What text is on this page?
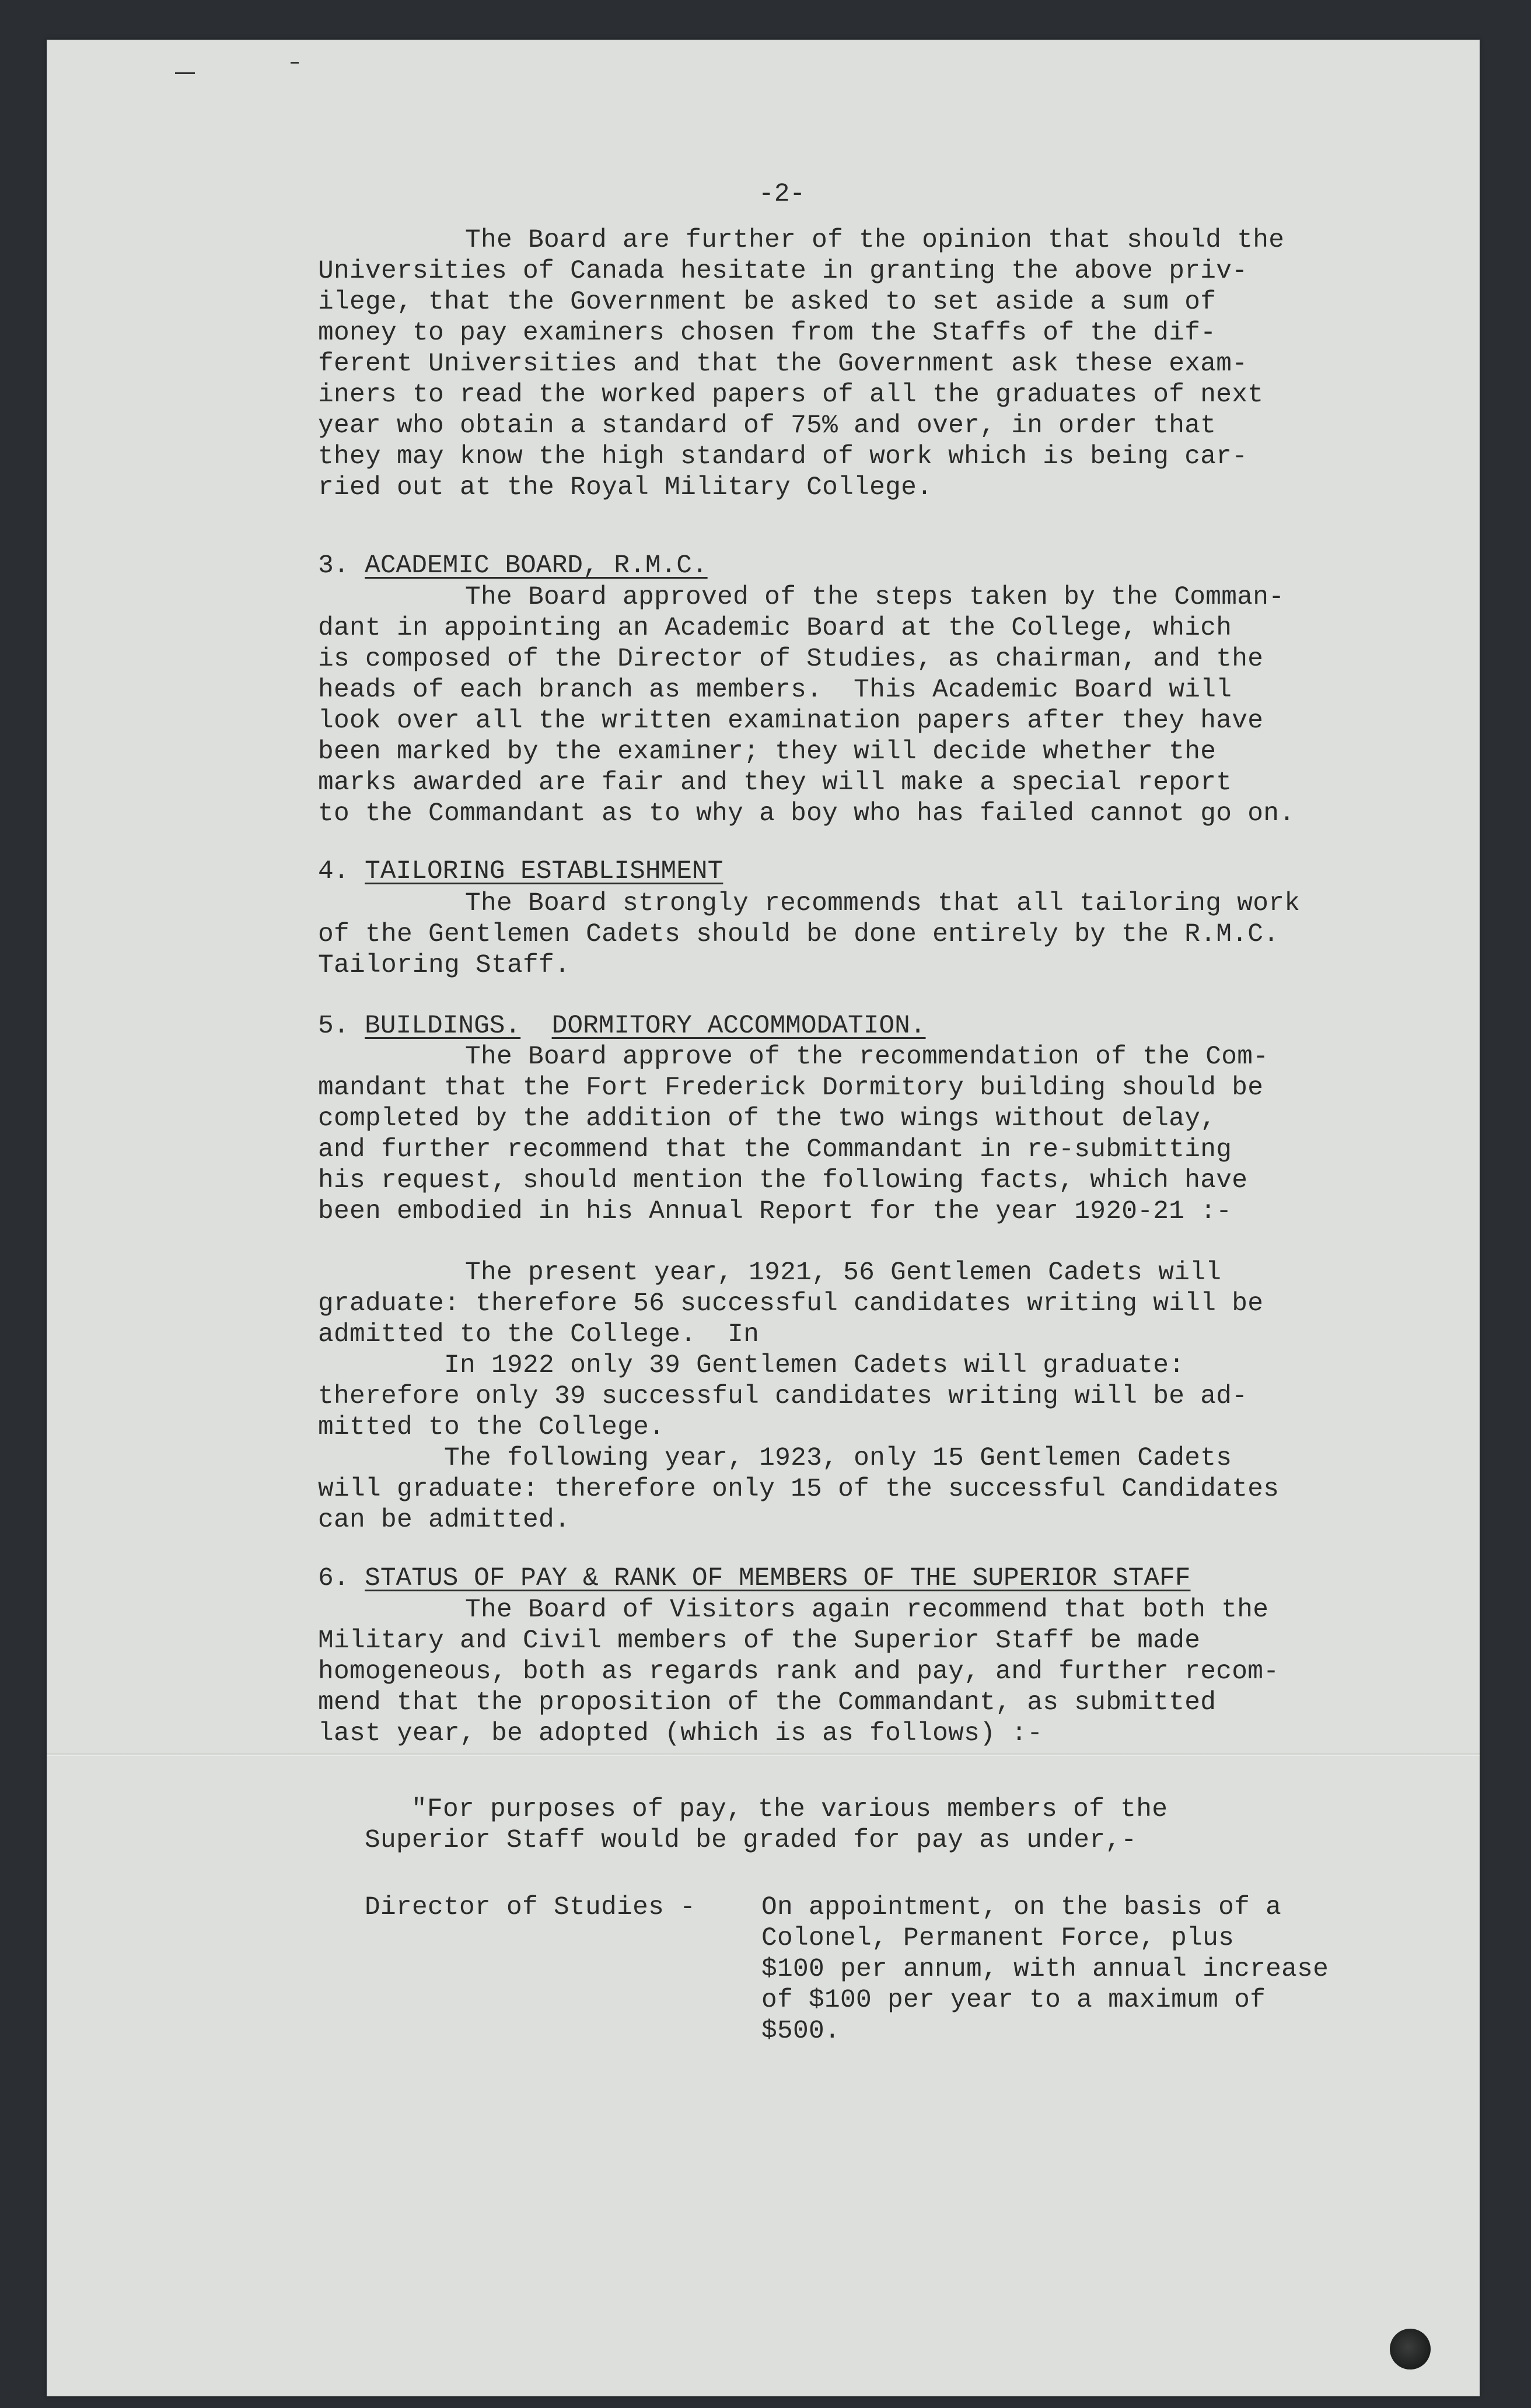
-2-

The Board are further of the opinion that should the
Universities of Canada hesitate in granting the above priv-
ilege, that the Government be asked to set aside a sum of
money to pay examiners chosen from the Staffs of the dif-
ferent Universities and that the Government ask these exam-
iners to read the worked papers of all the graduates of next
year who obtain a standard of 75% and over, in order that
they may know the high standard of work which is being car-
ried out at the Royal Military College.

3. ACADEMIC BOARD, R.M.C.

The Board approved of the steps taken by the Comman-
dant in appointing an Academic Board at the College, which
is composed of the Director of Studies, as chairman, and the
heads of each branch as members.  This Academic Board will
look over all the written examination papers after they have
been marked by the examiner; they will decide whether the
marks awarded are fair and they will make a special report
to the Commandant as to why a boy who has failed cannot go on.

4. TAILORING ESTABLISHMENT

The Board strongly recommends that all tailoring work
of the Gentlemen Cadets should be done entirely by the R.M.C.
Tailoring Staff.

5. BUILDINGS. DORMITORY ACCOMMODATION.

The Board approve of the recommendation of the Com-
mandant that the Fort Frederick Dormitory building should be
completed by the addition of the two wings without delay,
and further recommend that the Commandant in re-submitting
his request, should mention the following facts, which have
been embodied in his Annual Report for the year 1920-21 :-

The present year, 1921, 56 Gentlemen Cadets will
graduate: therefore 56 successful candidates writing will be
admitted to the College.  In
In 1922 only 39 Gentlemen Cadets will graduate:
therefore only 39 successful candidates writing will be ad-
mitted to the College.
The following year, 1923, only 15 Gentlemen Cadets
will graduate: therefore only 15 of the successful Candidates
can be admitted.

6. STATUS OF PAY & RANK OF MEMBERS OF THE SUPERIOR STAFF

The Board of Visitors again recommend that both the
Military and Civil members of the Superior Staff be made
homogeneous, both as regards rank and pay, and further recom-
mend that the proposition of the Commandant, as submitted
last year, be adopted (which is as follows) :-

"For purposes of pay, the various members of the
Superior Staff would be graded for pay as under,-

Director of Studies -	On appointment, on the basis of a
Colonel, Permanent Force, plus
$100 per annum, with annual increase
of $100 per year to a maximum of
$500.
